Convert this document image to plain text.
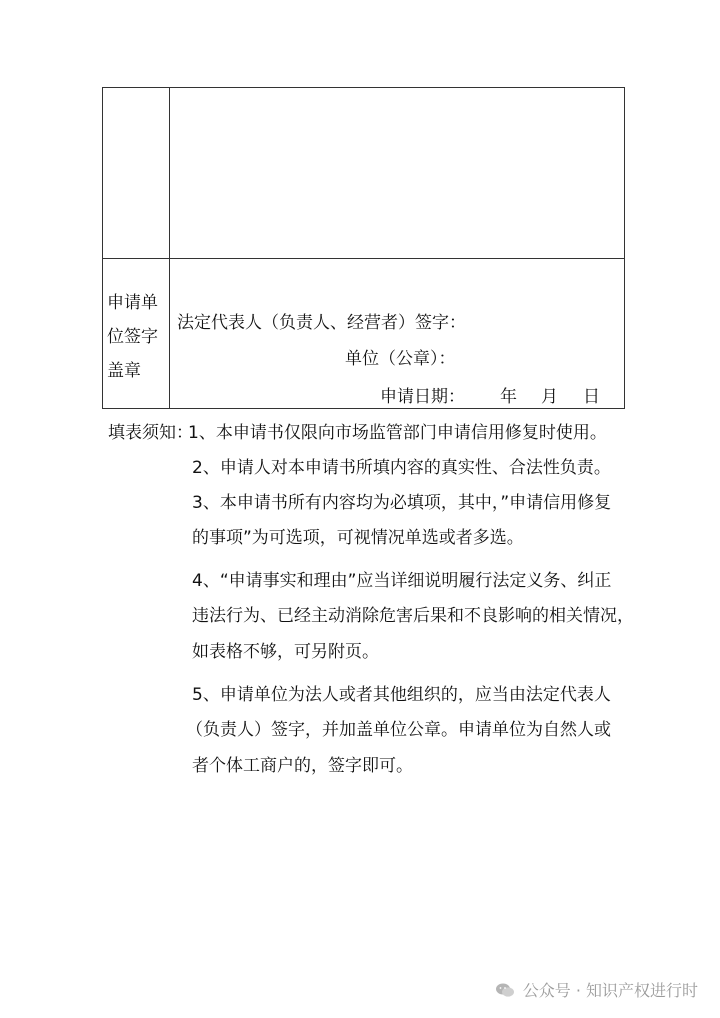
申请单
位签字
盖章
法定代表人（负责人、经营者）签字：
单位（公章）：
申请日期： 年 月 日
填表须知：
1、本申请书仅限向市场监管部门申请信用修复时使用。
2、申请人对本申请书所填内容的真实性、合法性负责。
3、本申请书所有内容均为必填项，其中，”申请信用修复
的事项”为可选项，可视情况单选或者多选。
4、“申请事实和理由”应当详细说明履行法定义务、纠正
违法行为、已经主动消除危害后果和不良影响的相关情况，
如表格不够，可另附页。
5、申请单位为法人或者其他组织的，应当由法定代表人
（负责人）签字，并加盖单位公章。申请单位为自然人或
者个体工商户的，签字即可。
公众号 · 知识产权进行时
